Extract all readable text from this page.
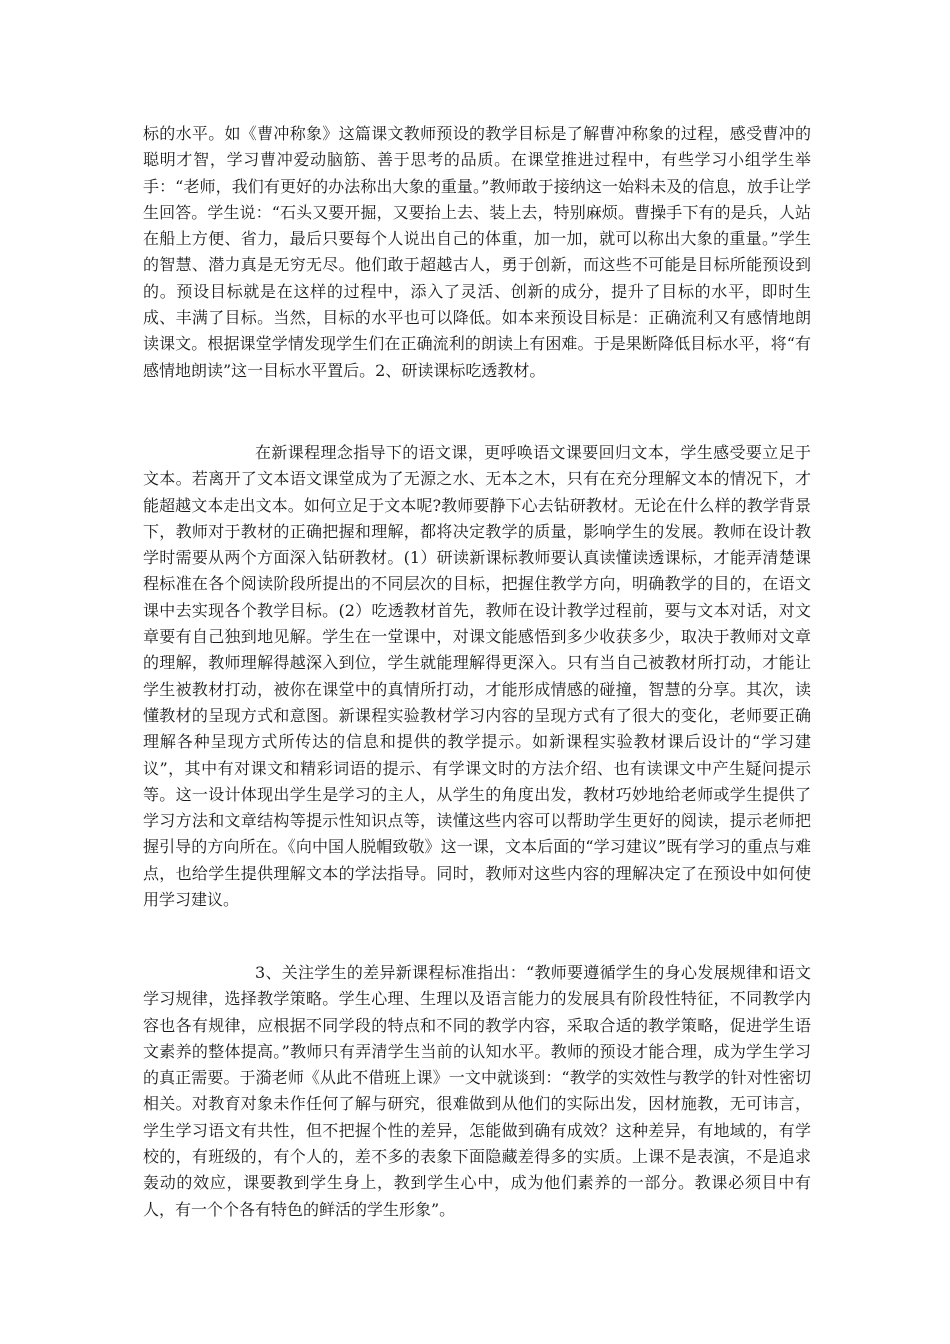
标的水平。如《曹冲称象》这篇课文教师预设的教学目标是了解曹冲称象的过程，感受曹冲的聪明才智，学习曹冲爱动脑筋、善于思考的品质。在课堂推进过程中，有些学习小组学生举手：“老师，我们有更好的办法称出大象的重量。”教师敢于接纳这一始料未及的信息，放手让学生回答。学生说：“石头又要开掘，又要抬上去、装上去，特别麻烦。曹操手下有的是兵，人站在船上方便、省力，最后只要每个人说出自己的体重，加一加，就可以称出大象的重量。”学生的智慧、潜力真是无穷无尽。他们敢于超越古人，勇于创新，而这些不可能是目标所能预设到的。预设目标就是在这样的过程中，添入了灵活、创新的成分，提升了目标的水平，即时生成、丰满了目标。当然，目标的水平也可以降低。如本来预设目标是：正确流利又有感情地朗读课文。根据课堂学情发现学生们在正确流利的朗读上有困难。于是果断降低目标水平，将“有感情地朗读”这一目标水平置后。2、研读课标吃透教材。
在新课程理念指导下的语文课，更呼唤语文课要回归文本，学生感受要立足于文本。若离开了文本语文课堂成为了无源之水、无本之木，只有在充分理解文本的情况下，才能超越文本走出文本。如何立足于文本呢?教师要静下心去钻研教材。无论在什么样的教学背景下，教师对于教材的正确把握和理解，都将决定教学的质量，影响学生的发展。教师在设计教学时需要从两个方面深入钻研教材。(1）研读新课标教师要认真读懂读透课标，才能弄清楚课程标准在各个阅读阶段所提出的不同层次的目标，把握住教学方向，明确教学的目的，在语文课中去实现各个教学目标。(2）吃透教材首先，教师在设计教学过程前，要与文本对话，对文章要有自己独到地见解。学生在一堂课中，对课文能感悟到多少收获多少，取决于教师对文章的理解，教师理解得越深入到位，学生就能理解得更深入。只有当自己被教材所打动，才能让学生被教材打动，被你在课堂中的真情所打动，才能形成情感的碰撞，智慧的分享。其次，读懂教材的呈现方式和意图。新课程实验教材学习内容的呈现方式有了很大的变化，老师要正确理解各种呈现方式所传达的信息和提供的教学提示。如新课程实验教材课后设计的“学习建议”，其中有对课文和精彩词语的提示、有学课文时的方法介绍、也有读课文中产生疑问提示等。这一设计体现出学生是学习的主人，从学生的角度出发，教材巧妙地给老师或学生提供了学习方法和文章结构等提示性知识点等，读懂这些内容可以帮助学生更好的阅读，提示老师把握引导的方向所在。《向中国人脱帽致敬》这一课，文本后面的“学习建议”既有学习的重点与难点，也给学生提供理解文本的学法指导。同时，教师对这些内容的理解决定了在预设中如何使用学习建议。
3、关注学生的差异新课程标准指出：“教师要遵循学生的身心发展规律和语文学习规律，选择教学策略。学生心理、生理以及语言能力的发展具有阶段性特征，不同教学内容也各有规律，应根据不同学段的特点和不同的教学内容，采取合适的教学策略，促进学生语文素养的整体提高。”教师只有弄清学生当前的认知水平。教师的预设才能合理，成为学生学习的真正需要。于漪老师《从此不借班上课》一文中就谈到：“教学的实效性与教学的针对性密切相关。对教育对象未作任何了解与研究，很难做到从他们的实际出发，因材施教，无可讳言，学生学习语文有共性，但不把握个性的差异，怎能做到确有成效？这种差异，有地域的，有学校的，有班级的，有个人的，差不多的表象下面隐藏差得多的实质。上课不是表演，不是追求轰动的效应，课要教到学生身上，教到学生心中，成为他们素养的一部分。教课必须目中有人，有一个个各有特色的鲜活的学生形象”。
